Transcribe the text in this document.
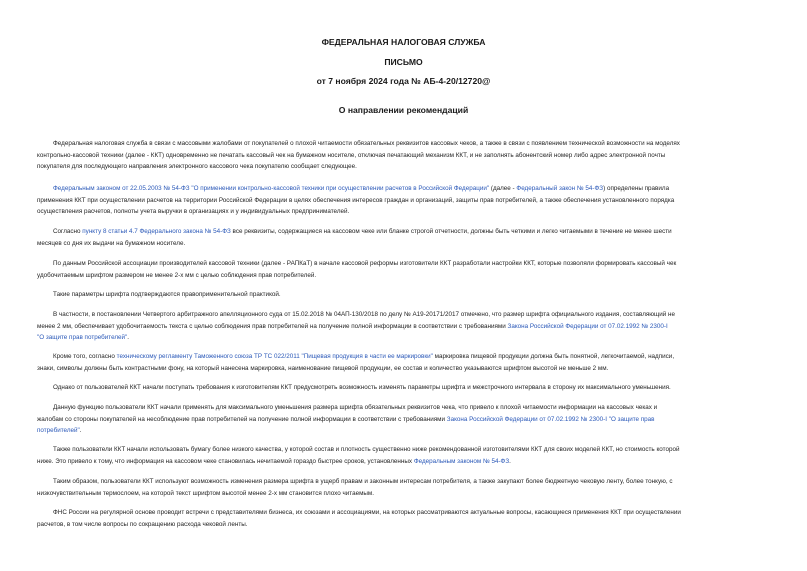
ФЕДЕРАЛЬНАЯ НАЛОГОВАЯ СЛУЖБА
ПИСЬМО
от 7 ноября 2024 года № АБ-4-20/12720@
О направлении рекомендаций
Федеральная налоговая служба в связи с массовыми жалобами от покупателей о плохой читаемости обязательных реквизитов кассовых чеков, а также в связи с появлением технической возможности на моделях
контрольно-кассовой техники (далее - ККТ) одновременно не печатать кассовый чек на бумажном носителе, отключая печатающий механизм ККТ, и не заполнять абонентский номер либо адрес электронной почты
покупателя для последующего направления электронного кассового чека покупателю сообщает следующее.
Федеральным законом от 22.05.2003 № 54-ФЗ "О применении контрольно-кассовой техники при осуществлении расчетов в Российской Федерации" (далее - Федеральный закон № 54-ФЗ) определены правила
применения ККТ при осуществлении расчетов на территории Российской Федерации в целях обеспечения интересов граждан и организаций, защиты прав потребителей, а также обеспечения установленного порядка
осуществления расчетов, полноты учета выручки в организациях и у индивидуальных предпринимателей.
Согласно пункту 8 статьи 4.7 Федерального закона № 54-ФЗ все реквизиты, содержащиеся на кассовом чеке или бланке строгой отчетности, должны быть четкими и легко читаемыми в течение не менее шести
месяцев со дня их выдачи на бумажном носителе.
По данным Российской ассоциации производителей кассовой техники (далее - РАПКаТ) в начале кассовой реформы изготовители ККТ разработали настройки ККТ, которые позволяли формировать кассовый чек
удобочитаемым шрифтом размером не менее 2-х мм с целью соблюдения прав потребителей.
Такие параметры шрифта подтверждаются правоприменительной практикой.
В частности, в постановлении Четвертого арбитражного апелляционного суда от 15.02.2018 № 04АП-130/2018 по делу № А19-20171/2017 отмечено, что размер шрифта официального издания, составляющий не
менее 2 мм, обеспечивает удобочитаемость текста с целью соблюдения прав потребителей на получение полной информации в соответствии с требованиями Закона Российской Федерации от 07.02.1992 № 2300-I
"О защите прав потребителей".
Кроме того, согласно техническому регламенту Таможенного союза ТР ТС 022/2011 "Пищевая продукция в части ее маркировки" маркировка пищевой продукции должна быть понятной, легкочитаемой, надписи,
знаки, символы должны быть контрастными фону, на который нанесена маркировка, наименование пищевой продукции, ее состав и количество указываются шрифтом высотой не меньше 2 мм.
Однако от пользователей ККТ начали поступать требования к изготовителям ККТ предусмотреть возможность изменять параметры шрифта и межстрочного интервала в сторону их максимального уменьшения.
Данную функцию пользователи ККТ начали применять для максимального уменьшения размера шрифта обязательных реквизитов чека, что привело к плохой читаемости информации на кассовых чеках и
жалобам со стороны покупателей на несоблюдение прав потребителей на получение полной информации в соответствии с требованиями Закона Российской Федерации от 07.02.1992 № 2300-I "О защите прав
потребителей".
Также пользователи ККТ начали использовать бумагу более низкого качества, у которой состав и плотность существенно ниже рекомендованной изготовителями ККТ для своих моделей ККТ, но стоимость которой
ниже. Это привело к тому, что информация на кассовом чеке становилась нечитаемой гораздо быстрее сроков, установленных Федеральным законом № 54-ФЗ.
Таким образом, пользователи ККТ используют возможность изменения размера шрифта в ущерб правам и законным интересам потребителя, а также закупают более бюджетную чековую ленту, более тонкую, с
низкочувствительным термослоем, на которой текст шрифтом высотой менее 2-х мм становится плохо читаемым.
ФНС России на регулярной основе проводит встречи с представителями бизнеса, их союзами и ассоциациями, на которых рассматриваются актуальные вопросы, касающиеся применения ККТ при осуществлении
расчетов, в том числе вопросы по сокращению расхода чековой ленты.
